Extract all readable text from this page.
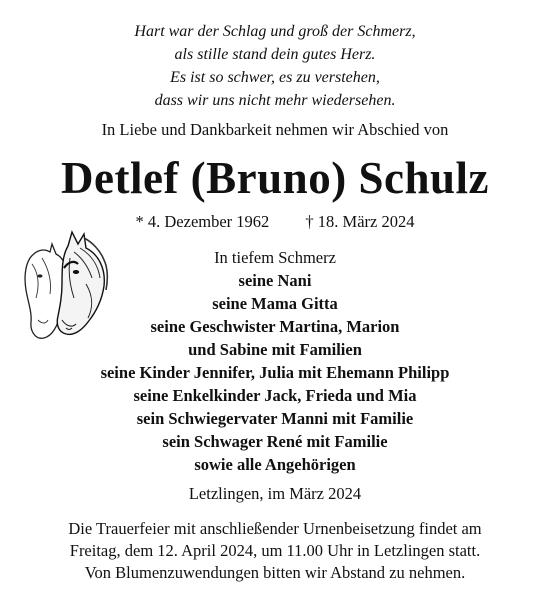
Hart war der Schlag und groß der Schmerz,
als stille stand dein gutes Herz.
Es ist so schwer, es zu verstehen,
dass wir uns nicht mehr wiedersehen.
In Liebe und Dankbarkeit nehmen wir Abschied von
Detlef (Bruno) Schulz
* 4. Dezember 1962 † 18. März 2024
In tiefem Schmerz
seine Nani
seine Mama Gitta
seine Geschwister Martina, Marion
und Sabine mit Familien
seine Kinder Jennifer, Julia mit Ehemann Philipp
seine Enkelkinder Jack, Frieda und Mia
sein Schwiegervater Manni mit Familie
sein Schwager René mit Familie
sowie alle Angehörigen
Letzlingen, im März 2024
Die Trauerfeier mit anschließender Urnenbeisetzung findet am
Freitag, dem 12. April 2024, um 11.00 Uhr in Letzlingen statt.
Von Blumenzuwendungen bitten wir Abstand zu nehmen.
